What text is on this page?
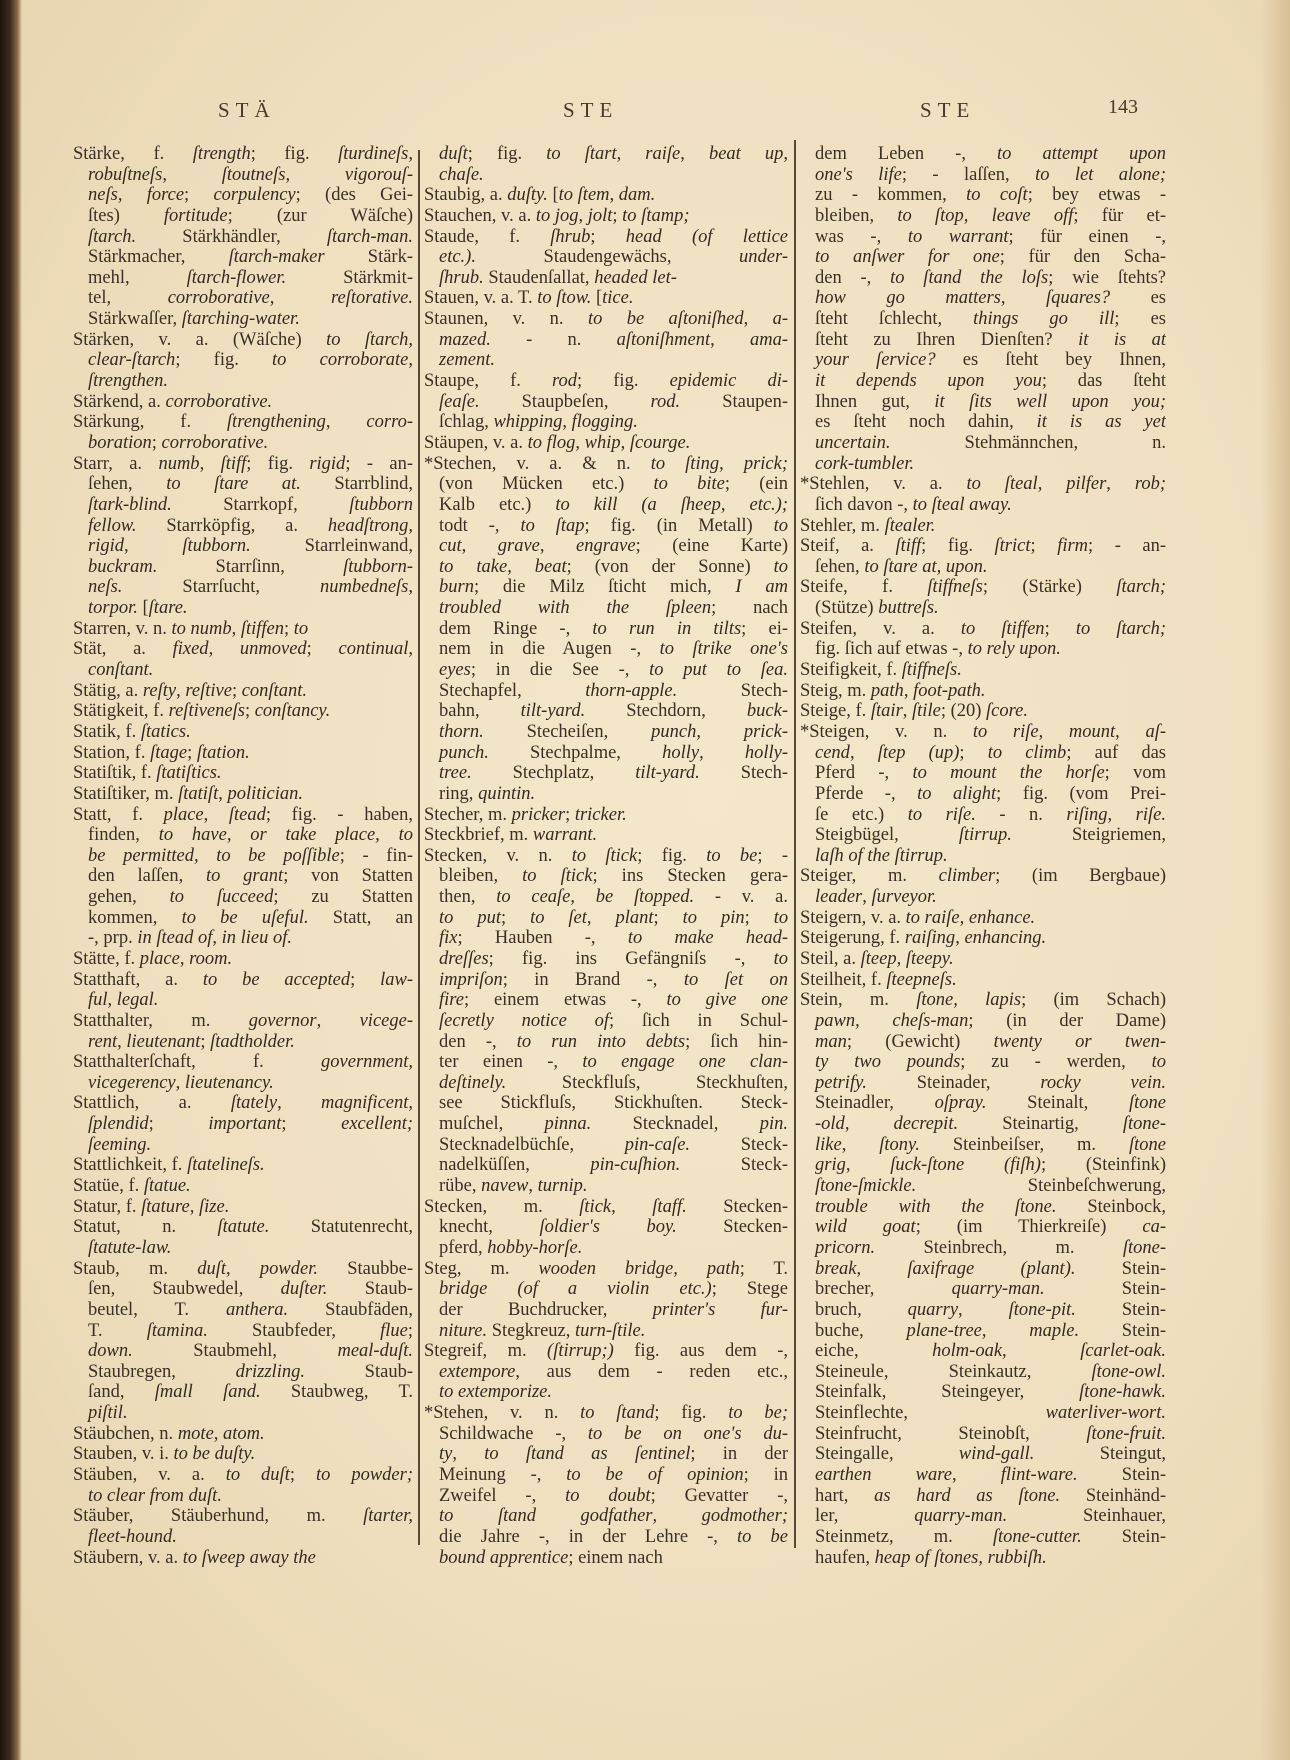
STÄ	STE	STE	143
Stärke, f. ſtrength; fig. ſturdineſs,
robuſtneſs, ſtoutneſs, vigorouſ-
neſs, force; corpulency; (des Gei-
ſtes) fortitude; (zur Wäſche)
ſtarch. Stärkhändler, ſtarch-man.
Stärkmacher, ſtarch-maker Stärk-
mehl, ſtarch-flower. Stärkmit-
tel, corroborative, reſtorative.
Stärkwaſſer, ſtarching-water.
Stärken, v. a. (Wäſche) to ſtarch,
clear-ſtarch; fig. to corroborate,
ſtrengthen.
Stärkend, a. corroborative.
Stärkung, f. ſtrengthening, corro-
boration; corroborative.
Starr, a. numb, ſtiff; fig. rigid; - an-
ſehen, to ſtare at. Starrblind,
ſtark-blind. Starrkopf, ſtubborn
fellow. Starrköpfig, a. headſtrong,
rigid, ſtubborn. Starrleinwand,
buckram. Starrſinn, ſtubborn-
neſs. Starrſucht, numbedneſs,
torpor. [ſtare.
Starren, v. n. to numb, ſtiffen; to
Stät, a. fixed, unmoved; continual,
conſtant.
Stätig, a. reſty, reſtive; conſtant.
Stätigkeit, f. reſtiveneſs; conſtancy.
Statik, f. ſtatics.
Station, f. ſtage; ſtation.
Statiſtik, f. ſtatiſtics.
Statiſtiker, m. ſtatiſt, politician.
Statt, f. place, ſtead; fig. - haben,
finden, to have, or take place, to
be permitted, to be poſſible; - fin-
den laſſen, to grant; von Statten
gehen, to ſucceed; zu Statten
kommen, to be uſeful. Statt, an
-, prp. in ſtead of, in lieu of.
Stätte, f. place, room.
Statthaft, a. to be accepted; law-
ful, legal.
Statthalter, m. governor, vicege-
rent, lieutenant; ſtadtholder.
Statthalterſchaft, f. government,
vicegerency, lieutenancy.
Stattlich, a. ſtately, magnificent,
ſplendid; important; excellent;
ſeeming.
Stattlichkeit, f. ſtatelineſs.
Statüe, f. ſtatue.
Statur, f. ſtature, ſize.
Statut, n. ſtatute. Statutenrecht,
ſtatute-law.
Staub, m. duſt, powder. Staubbe-
ſen, Staubwedel, duſter. Staub-
beutel, T. anthera. Staubfäden,
T. ſtamina. Staubfeder, flue;
down. Staubmehl, meal-duſt.
Staubregen, drizzling. Staub-
ſand, ſmall ſand. Staubweg, T.
piſtil.
Stäubchen, n. mote, atom.
Stauben, v. i. to be duſty.
Stäuben, v. a. to duſt; to powder;
to clear from duſt.
Stäuber, Stäuberhund, m. ſtarter,
fleet-hound.
Stäubern, v. a. to ſweep away the
duſt; fig. to ſtart, raiſe, beat up,
chaſe.
Staubig, a. duſty. [to ſtem, dam.
Stauchen, v. a. to jog, jolt; to ſtamp;
Staude, f. ſhrub; head (of lettice
etc.). Staudengewächs, under-
ſhrub. Staudenſallat, headed let-
Stauen, v. a. T. to ſtow. [tice.
Staunen, v. n. to be aſtoniſhed, a-
mazed. - n. aſtoniſhment, ama-
zement.
Staupe, f. rod; fig. epidemic di-
ſeaſe. Staupbeſen, rod. Staupen-
ſchlag, whipping, flogging.
Stäupen, v. a. to flog, whip, ſcourge.
*Stechen, v. a. & n. to ſting, prick;
(von Mücken etc.) to bite; (ein
Kalb etc.) to kill (a ſheep, etc.);
todt -, to ſtap; fig. (in Metall) to
cut, grave, engrave; (eine Karte)
to take, beat; (von der Sonne) to
burn; die Milz ſticht mich, I am
troubled with the ſpleen; nach
dem Ringe -, to run in tilts; ei-
nem in die Augen -, to ſtrike one's
eyes; in die See -, to put to ſea.
Stechapfel, thorn-apple. Stech-
bahn, tilt-yard. Stechdorn, buck-
thorn. Stecheiſen, punch, prick-
punch. Stechpalme, holly, holly-
tree. Stechplatz, tilt-yard. Stech-
ring, quintin.
Stecher, m. pricker; tricker.
Steckbrief, m. warrant.
Stecken, v. n. to ſtick; fig. to be; -
bleiben, to ſtick; ins Stecken gera-
then, to ceaſe, be ſtopped. - v. a.
to put; to ſet, plant; to pin; to
fix; Hauben -, to make head-
dreſſes; fig. ins Gefängniſs -, to
impriſon; in Brand -, to ſet on
fire; einem etwas -, to give one
ſecretly notice of; ſich in Schul-
den -, to run into debts; ſich hin-
ter einen -, to engage one clan-
deſtinely. Steckfluſs, Steckhuſten,
see Stickfluſs, Stickhuſten. Steck-
muſchel, pinna. Stecknadel, pin.
Stecknadelbüchſe, pin-caſe. Steck-
nadelküſſen, pin-cuſhion. Steck-
rübe, navew, turnip.
Stecken, m. ſtick, ſtaff. Stecken-
knecht, ſoldier's boy. Stecken-
pferd, hobby-horſe.
Steg, m. wooden bridge, path; T.
bridge (of a violin etc.); Stege
der Buchdrucker, printer's fur-
niture. Stegkreuz, turn-ſtile.
Stegreif, m. (ſtirrup;) fig. aus dem -,
extempore, aus dem - reden etc.,
to extemporize.
*Stehen, v. n. to ſtand; fig. to be;
Schildwache -, to be on one's du-
ty, to ſtand as ſentinel; in der
Meinung -, to be of opinion; in
Zweifel -, to doubt; Gevatter -,
to ſtand godfather, godmother;
die Jahre -, in der Lehre -, to be
bound apprentice; einem nach
dem Leben -, to attempt upon
one's life; - laſſen, to let alone;
zu - kommen, to coſt; bey etwas -
bleiben, to ſtop, leave off; für et-
was -, to warrant; für einen -,
to anſwer for one; für den Scha-
den -, to ſtand the loſs; wie ſtehts?
how go matters, ſquares? es
ſteht ſchlecht, things go ill; es
ſteht zu Ihren Dienſten? it is at
your ſervice? es ſteht bey Ihnen,
it depends upon you; das ſteht
Ihnen gut, it ſits well upon you;
es ſteht noch dahin, it is as yet
uncertain. Stehmännchen, n.
cork-tumbler.
*Stehlen, v. a. to ſteal, pilfer, rob;
ſich davon -, to ſteal away.
Stehler, m. ſtealer.
Steif, a. ſtiff; fig. ſtrict; firm; - an-
ſehen, to ſtare at, upon.
Steife, f. ſtiffneſs; (Stärke) ſtarch;
(Stütze) buttreſs.
Steifen, v. a. to ſtiffen; to ſtarch;
fig. ſich auf etwas -, to rely upon.
Steifigkeit, f. ſtiffneſs.
Steig, m. path, foot-path.
Steige, f. ſtair, ſtile; (20) ſcore.
*Steigen, v. n. to riſe, mount, aſ-
cend, ſtep (up); to climb; auf das
Pferd -, to mount the horſe; vom
Pferde -, to alight; fig. (vom Prei-
ſe etc.) to riſe. - n. riſing, riſe.
Steigbügel, ſtirrup. Steigriemen,
laſh of the ſtirrup.
Steiger, m. climber; (im Bergbaue)
leader, ſurveyor.
Steigern, v. a. to raiſe, enhance.
Steigerung, f. raiſing, enhancing.
Steil, a. ſteep, ſteepy.
Steilheit, f. ſteepneſs.
Stein, m. ſtone, lapis; (im Schach)
pawn, cheſs-man; (in der Dame)
man; (Gewicht) twenty or twen-
ty two pounds; zu - werden, to
petrify. Steinader, rocky vein.
Steinadler, oſpray. Steinalt, ſtone
-old, decrepit. Steinartig, ſtone-
like, ſtony. Steinbeiſser, m. ſtone
grig, ſuck-ſtone (fiſh); (Steinfink)
ſtone-ſmickle. Steinbeſchwerung,
trouble with the ſtone. Steinbock,
wild goat; (im Thierkreiſe) ca-
pricorn. Steinbrech, m. ſtone-
break, ſaxifrage (plant). Stein-
brecher, quarry-man. Stein-
bruch, quarry, ſtone-pit. Stein-
buche, plane-tree, maple. Stein-
eiche, holm-oak, ſcarlet-oak.
Steineule, Steinkautz, ſtone-owl.
Steinfalk, Steingeyer, ſtone-hawk.
Steinflechte, waterliver-wort.
Steinfrucht, Steinobſt, ſtone-fruit.
Steingalle, wind-gall. Steingut,
earthen ware, flint-ware. Stein-
hart, as hard as ſtone. Steinhänd-
ler, quarry-man. Steinhauer,
Steinmetz, m. ſtone-cutter. Stein-
haufen, heap of ſtones, rubbiſh.
